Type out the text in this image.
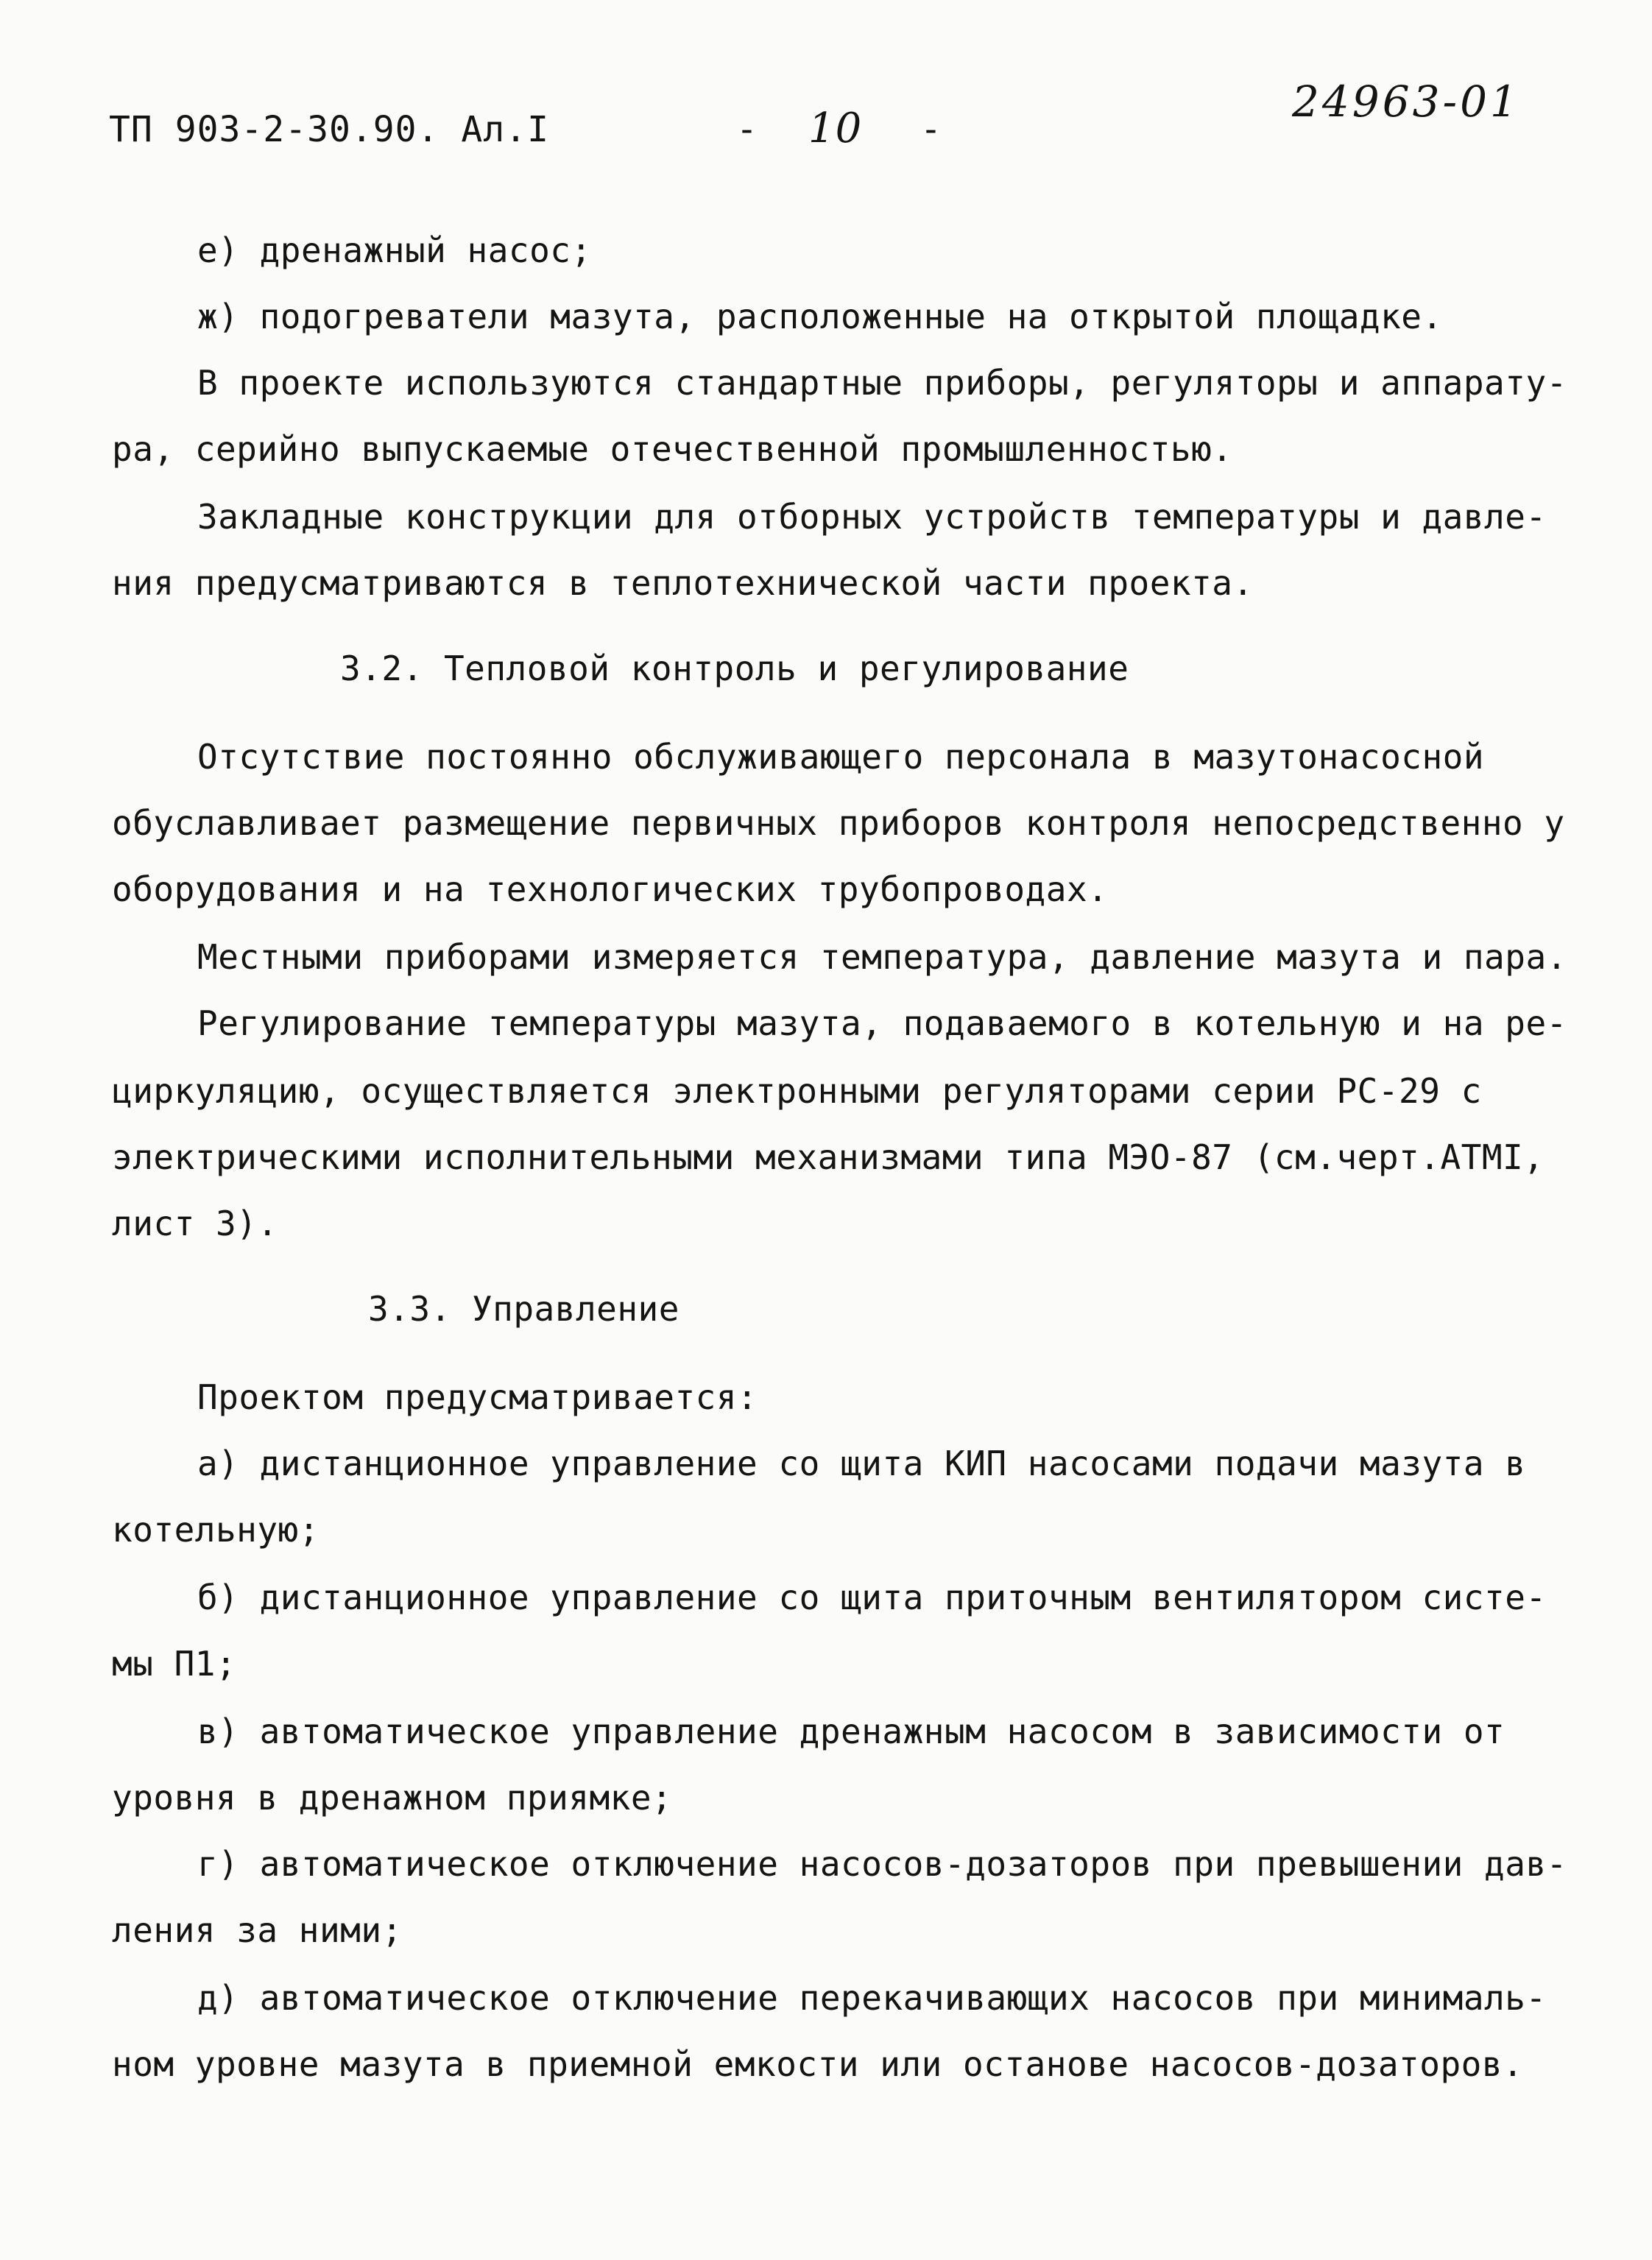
ТП 903-2-30.90. Ал.I	- 10 -
24963-01
е) дренажный насос;
ж) подогреватели мазута, расположенные на открытой площадке.
В проекте используются стандартные приборы, регуляторы и аппарату-
ра, серийно выпускаемые отечественной промышленностью.
Закладные конструкции для отборных устройств температуры и давле-
ния предусматриваются в теплотехнической части проекта.
3.2. Тепловой контроль и регулирование
Отсутствие постоянно обслуживающего персонала в мазутонасосной
обуславливает размещение первичных приборов контроля непосредственно у
оборудования и на технологических трубопроводах.
Местными приборами измеряется температура, давление мазута и пара.
Регулирование температуры мазута, подаваемого в котельную и на ре-
циркуляцию, осуществляется электронными регуляторами серии РС-29 с
электрическими исполнительными механизмами типа МЭО-87 (см.черт.АТМI,
лист 3).
3.3. Управление
Проектом предусматривается:
а) дистанционное управление со щита КИП насосами подачи мазута в
котельную;
б) дистанционное управление со щита приточным вентилятором систе-
мы П1;
в) автоматическое управление дренажным насосом в зависимости от
уровня в дренажном приямке;
г) автоматическое отключение насосов-дозаторов при превышении дав-
ления за ними;
д) автоматическое отключение перекачивающих насосов при минималь-
ном уровне мазута в приемной емкости или останове насосов-дозаторов.
